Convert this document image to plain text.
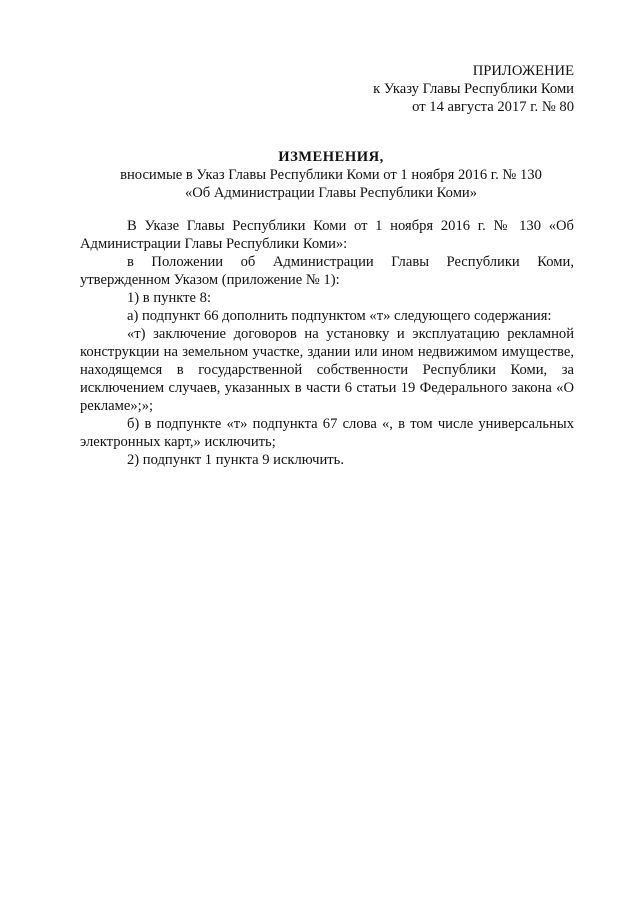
ПРИЛОЖЕНИЕ
к Указу Главы Республики Коми
от 14 августа 2017 г. № 80
ИЗМЕНЕНИЯ,
вносимые в Указ Главы Республики Коми от 1 ноября 2016 г. № 130
«Об Администрации Главы Республики Коми»

В Указе Главы Республики Коми от 1 ноября 2016 г. № 130 «Об Администрации Главы Республики Коми»:

в Положении об Администрации Главы Республики Коми, утвержденном Указом (приложение № 1):

1) в пункте 8:

а) подпункт 66 дополнить подпунктом «т» следующего содержания:

«т) заключение договоров на установку и эксплуатацию рекламной конструкции на земельном участке, здании или ином недвижимом имуществе, находящемся в государственной собственности Республики Коми, за исключением случаев, указанных в части 6 статьи 19 Федерального закона «О рекламе»;»;

б) в подпункте «т» подпункта 67 слова «, в том числе универсальных электронных карт,» исключить;

2) подпункт 1 пункта 9 исключить.
